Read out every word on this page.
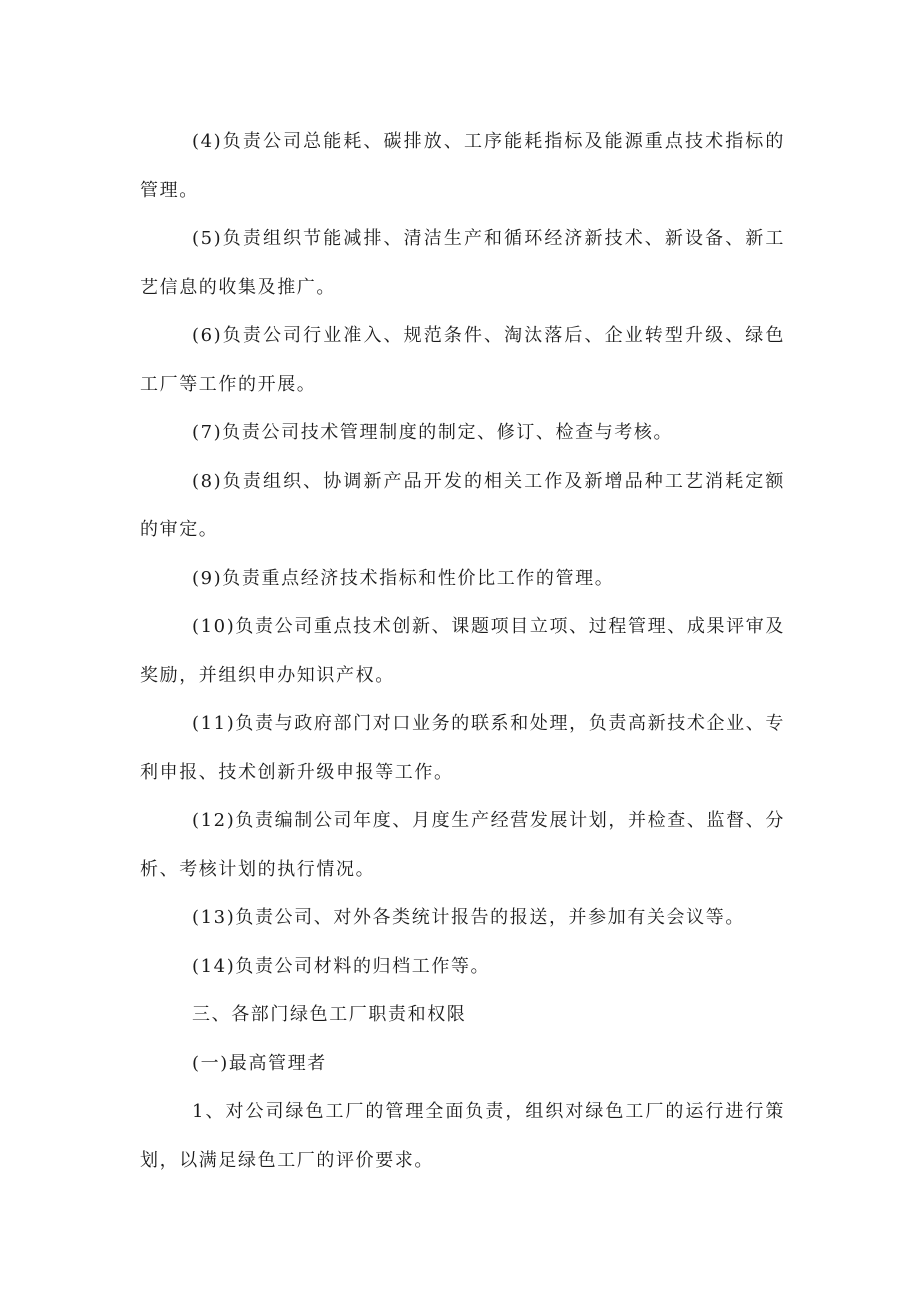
(4)负责公司总能耗、碳排放、工序能耗指标及能源重点技术指标的管理。

(5)负责组织节能减排、清洁生产和循环经济新技术、新设备、新工艺信息的收集及推广。

(6)负责公司行业准入、规范条件、淘汰落后、企业转型升级、绿色工厂等工作的开展。

(7)负责公司技术管理制度的制定、修订、检查与考核。

(8)负责组织、协调新产品开发的相关工作及新增品种工艺消耗定额的审定。

(9)负责重点经济技术指标和性价比工作的管理。

(10)负责公司重点技术创新、课题项目立项、过程管理、成果评审及奖励，并组织申办知识产权。

(11)负责与政府部门对口业务的联系和处理，负责高新技术企业、专利申报、技术创新升级申报等工作。

(12)负责编制公司年度、月度生产经营发展计划，并检查、监督、分析、考核计划的执行情况。

(13)负责公司、对外各类统计报告的报送，并参加有关会议等。

(14)负责公司材料的归档工作等。

三、各部门绿色工厂职责和权限

(一)最高管理者

1、对公司绿色工厂的管理全面负责，组织对绿色工厂的运行进行策划，以满足绿色工厂的评价要求。
